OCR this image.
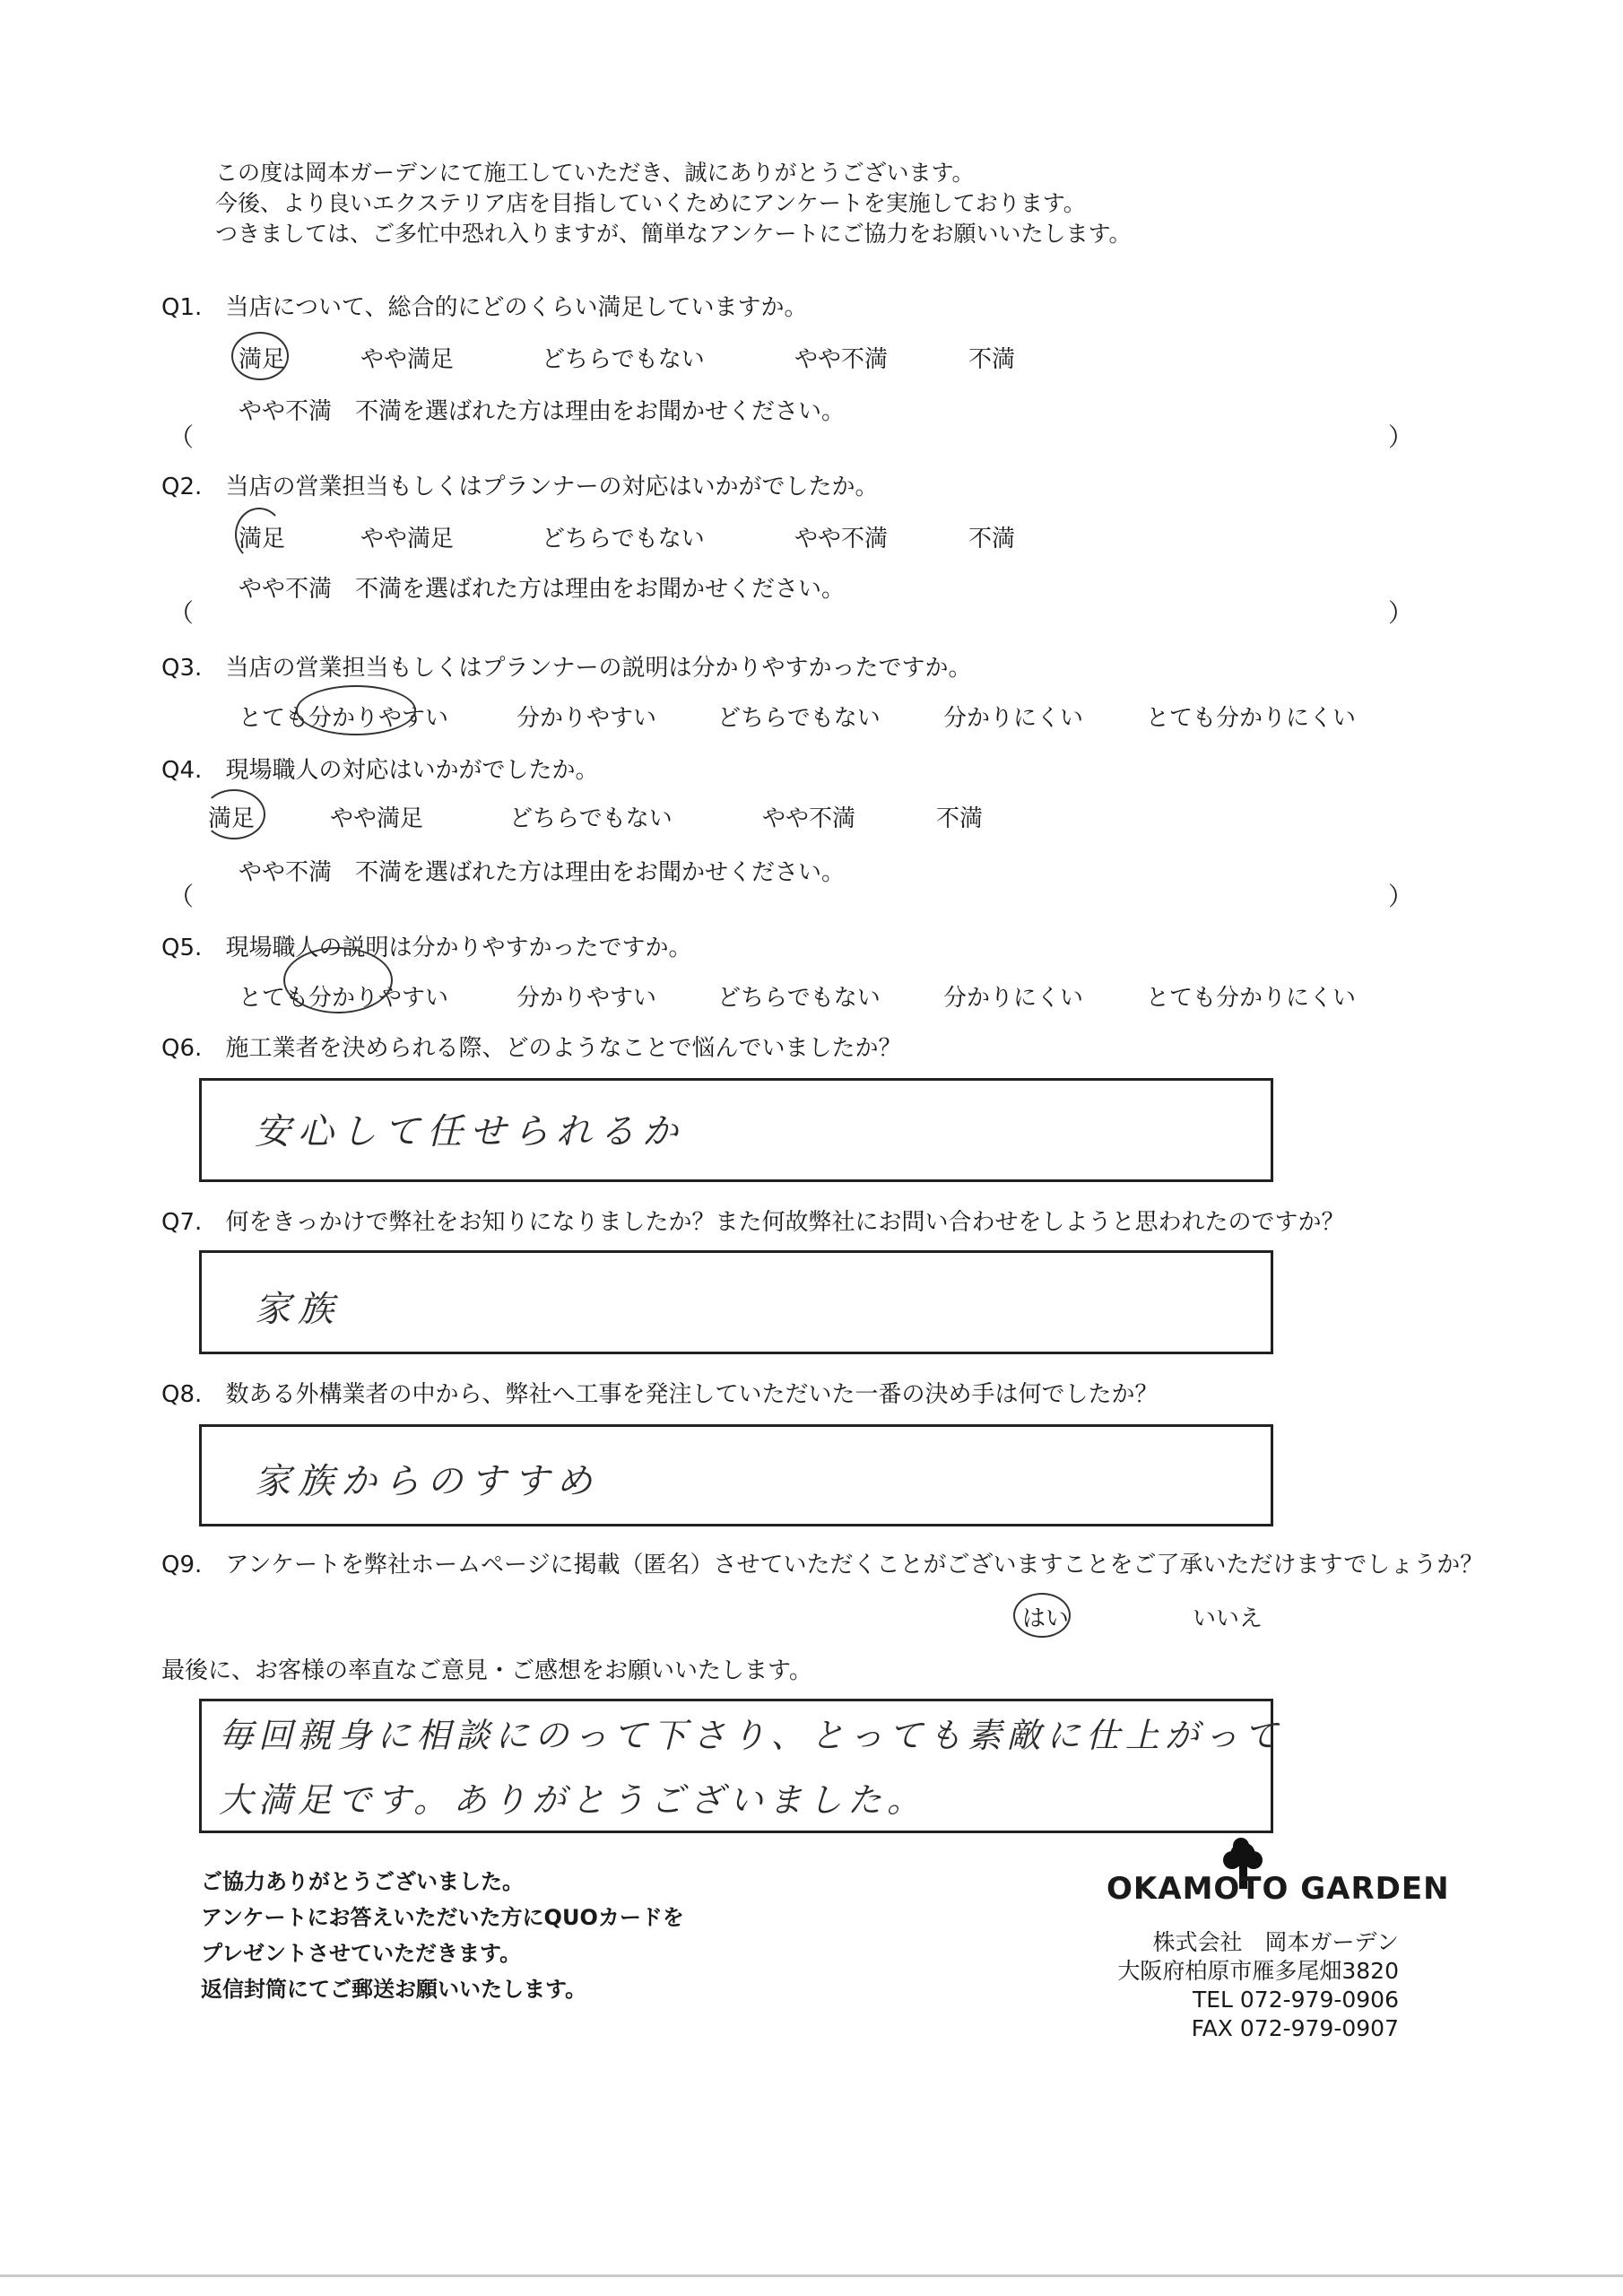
この度は岡本ガーデンにて施工していただき、誠にありがとうございます。
今後、より良いエクステリア店を目指していくためにアンケートを実施しております。
つきましては、ご多忙中恐れ入りますが、簡単なアンケートにご協力をお願いいたします。
Q1. 当店について、総合的にどのくらい満足していますか。
満足	やや満足	どちらでもない	やや不満	不満
やや不満　不満を選ばれた方は理由をお聞かせください。
（	）
Q2. 当店の営業担当もしくはプランナーの対応はいかがでしたか。
満足	やや満足	どちらでもない	やや不満	不満
やや不満　不満を選ばれた方は理由をお聞かせください。
（	）
Q3. 当店の営業担当もしくはプランナーの説明は分かりやすかったですか。
とても分かりやすい	分かりやすい	どちらでもない	分かりにくい	とても分かりにくい
Q4. 現場職人の対応はいかがでしたか。
満足	やや満足	どちらでもない	やや不満	不満
やや不満　不満を選ばれた方は理由をお聞かせください。
（	）
Q5. 現場職人の説明は分かりやすかったですか。
とても分かりやすい	分かりやすい	どちらでもない	分かりにくい	とても分かりにくい
Q6. 施工業者を決められる際、どのようなことで悩んでいましたか？
安心して任せられるか
Q7. 何をきっかけで弊社をお知りになりましたか？また何故弊社にお問い合わせをしようと思われたのですか？
家族
Q8. 数ある外構業者の中から、弊社へ工事を発注していただいた一番の決め手は何でしたか？
家族からのすすめ
Q9. アンケートを弊社ホームページに掲載（匿名）させていただくことがございますことをご了承いただけますでしょうか？
はい	いいえ
最後に、お客様の率直なご意見・ご感想をお願いいたします。
毎回親身に相談にのって下さり、とっても素敵に仕上がって
大満足です。ありがとうございました。
ご協力ありがとうございました。
アンケートにお答えいただいた方にQUOカードを
プレゼントさせていただきます。
返信封筒にてご郵送お願いいたします。
OKAMOTO GARDEN
株式会社　岡本ガーデン
大阪府柏原市雁多尾畑3820
TEL 072-979-0906
FAX 072-979-0907
